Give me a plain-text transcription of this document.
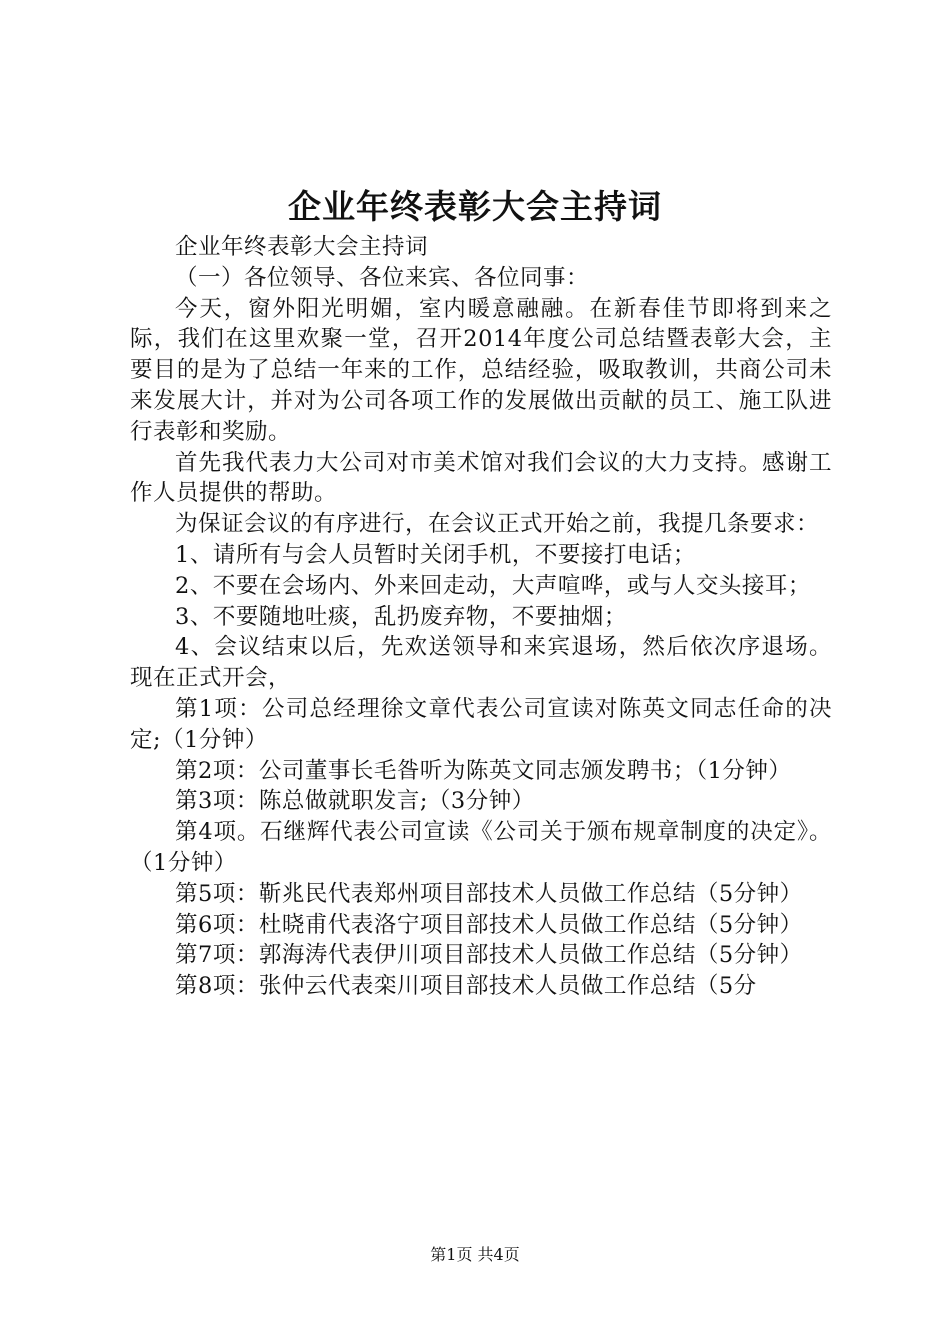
企业年终表彰大会主持词

企业年终表彰大会主持词

（一）各位领导、各位来宾、各位同事：

今天，窗外阳光明媚，室内暖意融融。在新春佳节即将到来之际，我们在这里欢聚一堂，召开2014年度公司总结暨表彰大会，主要目的是为了总结一年来的工作，总结经验，吸取教训，共商公司未来发展大计，并对为公司各项工作的发展做出贡献的员工、施工队进行表彰和奖励。

首先我代表力大公司对市美术馆对我们会议的大力支持。感谢工作人员提供的帮助。

为保证会议的有序进行，在会议正式开始之前，我提几条要求：

1、请所有与会人员暂时关闭手机，不要接打电话；

2、不要在会场内、外来回走动，大声喧哗，或与人交头接耳；

3、不要随地吐痰，乱扔废弃物，不要抽烟；

4、会议结束以后，先欢送领导和来宾退场，然后依次序退场。现在正式开会，

第1项：公司总经理徐文章代表公司宣读对陈英文同志任命的决定;（1分钟）

第2项：公司董事长毛昝听为陈英文同志颁发聘书；（1分钟）

第3项：陈总做就职发言;（3分钟）

第4项。石继辉代表公司宣读《公司关于颁布规章制度的决定》。（1分钟）

第5项：靳兆民代表郑州项目部技术人员做工作总结（5分钟）

第6项：杜晓甫代表洛宁项目部技术人员做工作总结（5分钟）

第7项：郭海涛代表伊川项目部技术人员做工作总结（5分钟）

第8项：张仲云代表栾川项目部技术人员做工作总结（5分

第1页 共4页
